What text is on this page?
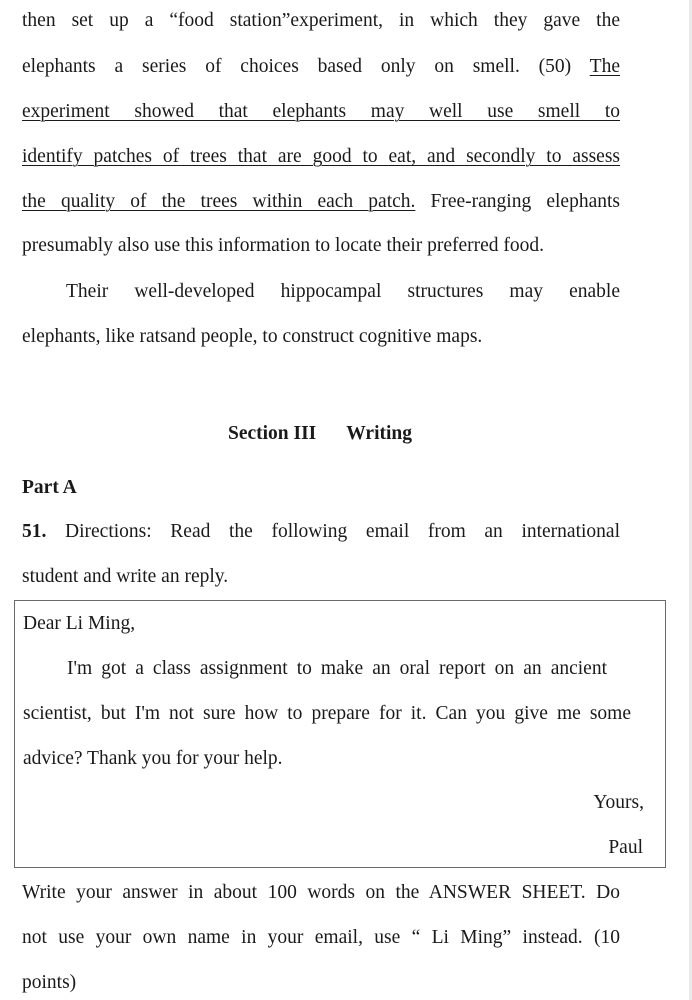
then set up a “food station”experiment, in which they gave the
elephants a series of choices based only on smell. (50) The
experiment showed that elephants may well use smell to
identify patches of trees that are good to eat, and secondly to assess
the quality of the trees within each patch. Free-ranging elephants
presumably also use this information to locate their preferred food.
Their well-developed hippocampal structures may enable
elephants, like ratsand people, to construct cognitive maps.
Section III Writing
Part A
51. Directions: Read the following email from an international
student and write an reply.
Dear Li Ming,
I'm got a class assignment to make an oral report on an ancient
scientist, but I'm not sure how to prepare for it. Can you give me some
advice? Thank you for your help.
Yours,
Paul
Write your answer in about 100 words on the ANSWER SHEET. Do
not use your own name in your email, use “ Li Ming” instead. (10
points)
